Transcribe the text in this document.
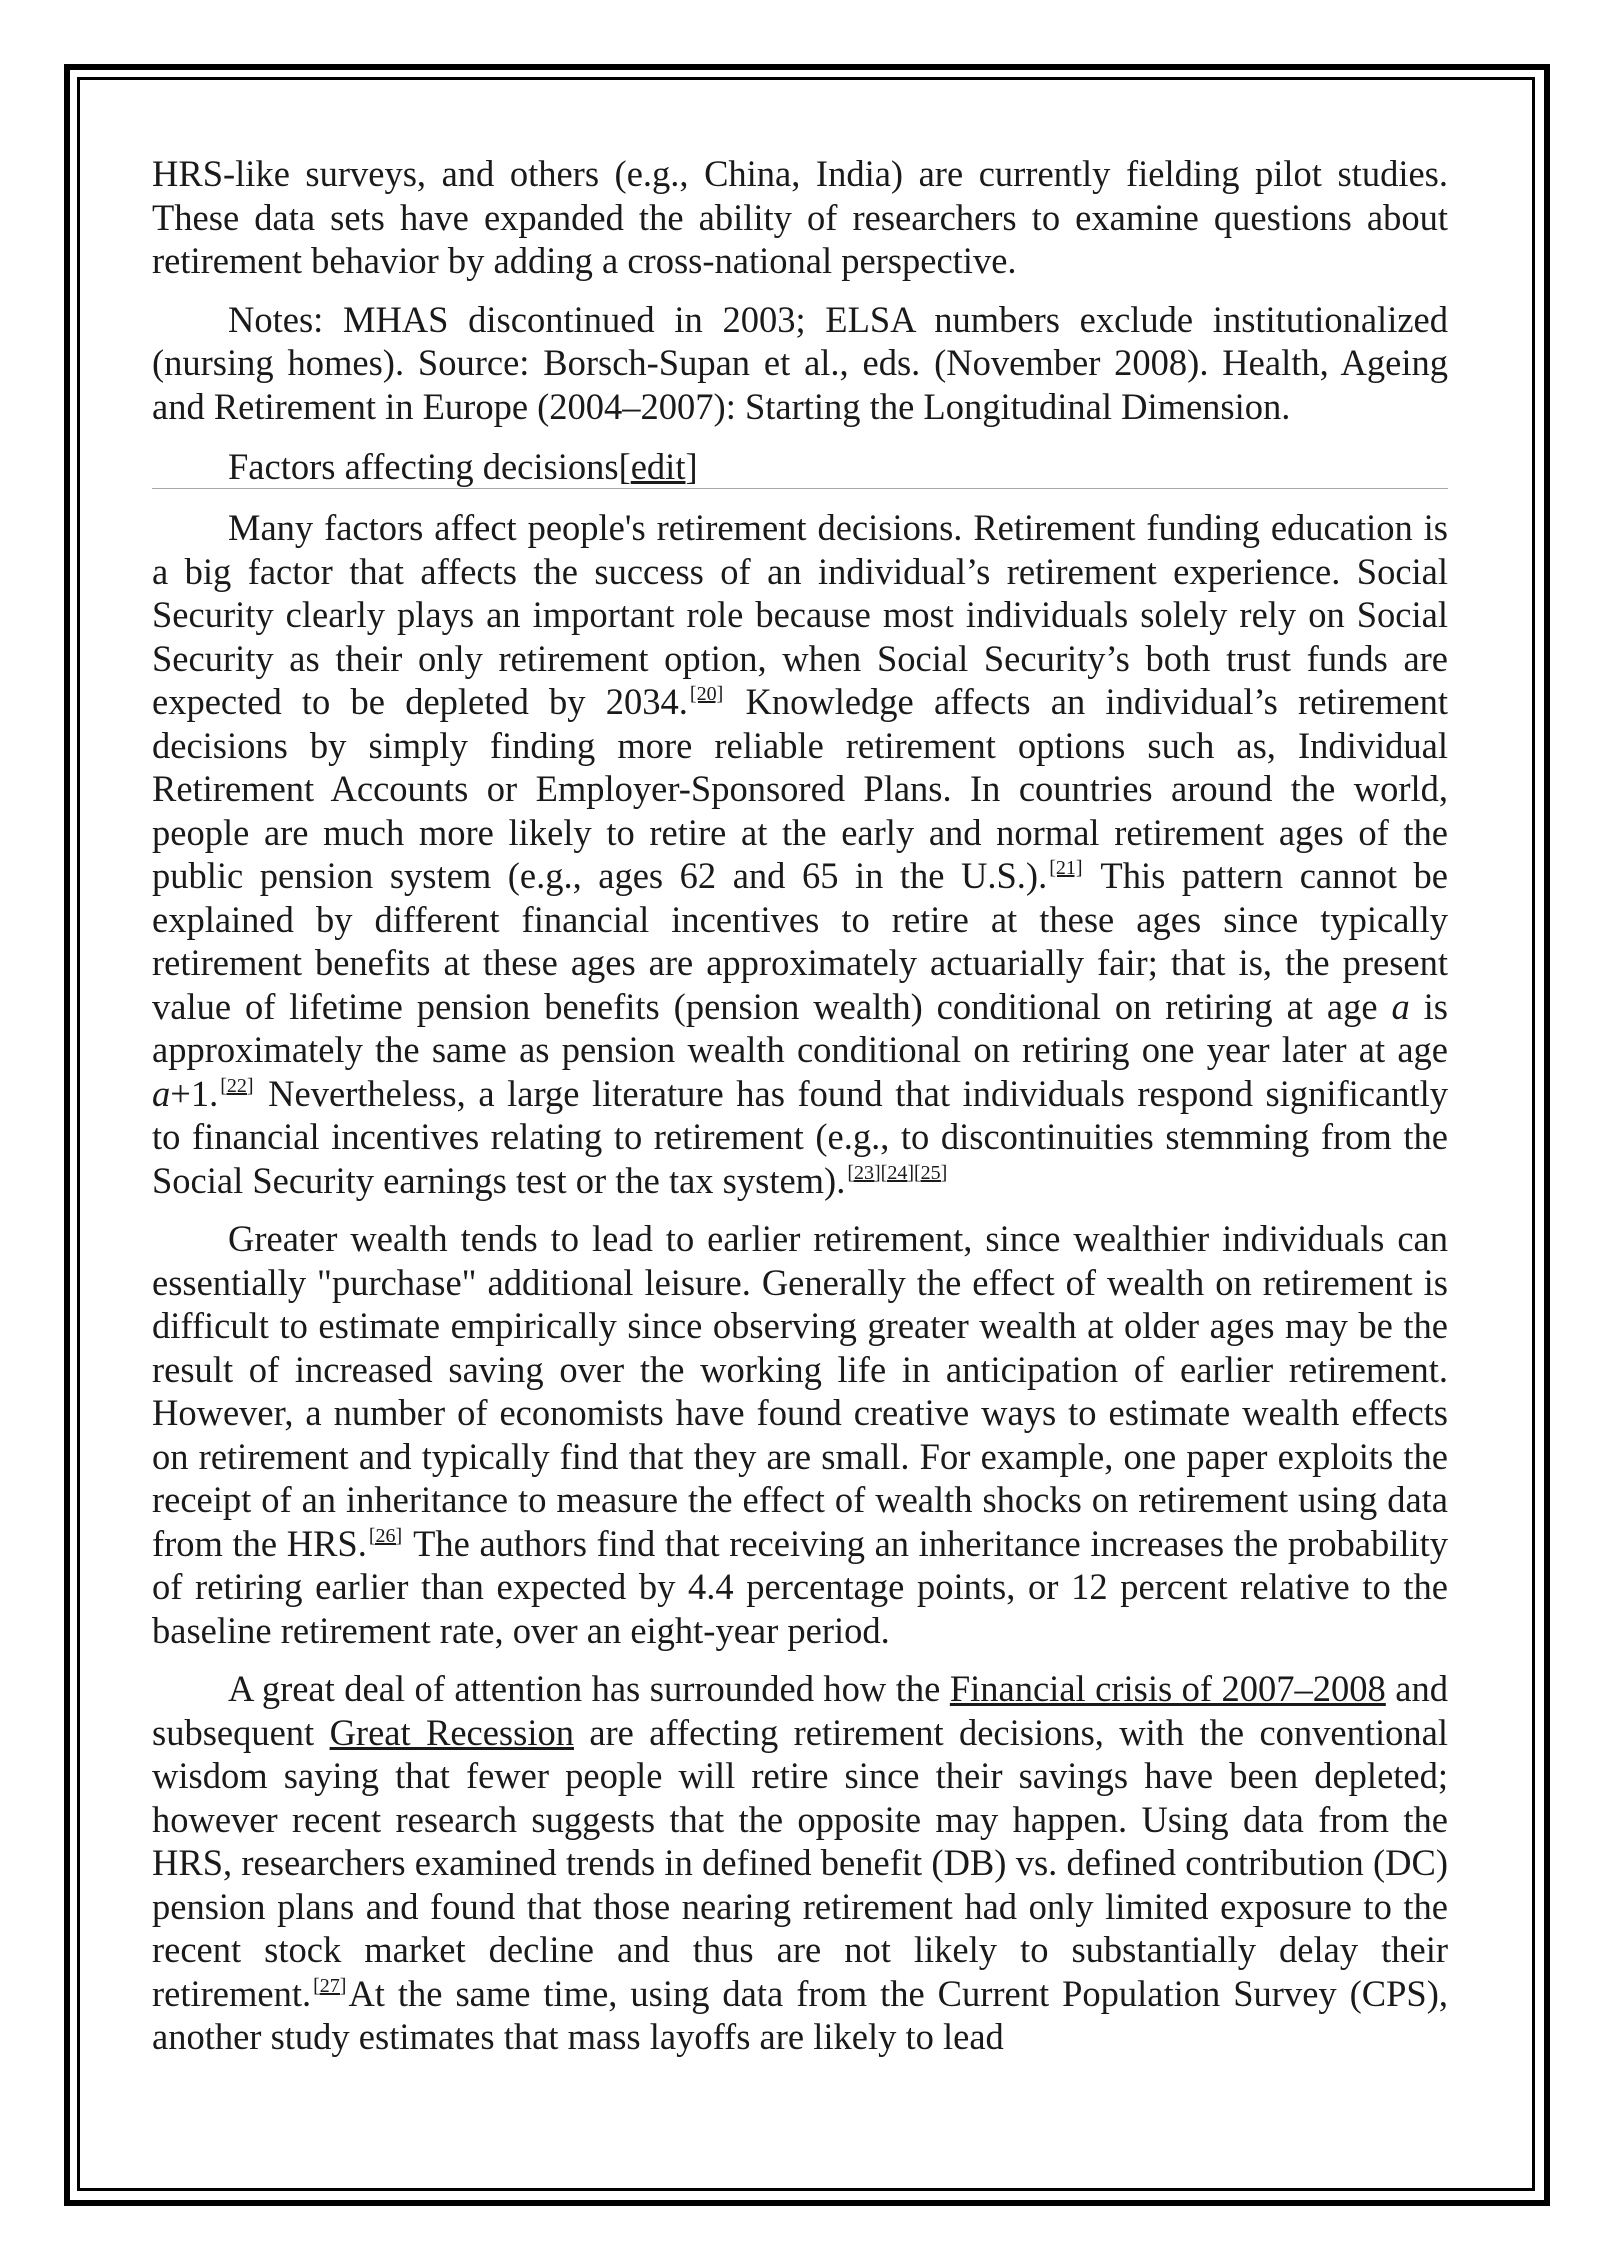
HRS-like surveys, and others (e.g., China, India) are currently fielding pilot studies. These data sets have expanded the ability of researchers to examine questions about retirement behavior by adding a cross-national perspective.

Notes: MHAS discontinued in 2003; ELSA numbers exclude institutionalized (nursing homes). Source: Borsch-Supan et al., eds. (November 2008). Health, Ageing and Retirement in Europe (2004–2007): Starting the Longitudinal Dimension.

Factors affecting decisions[edit]

Many factors affect people's retirement decisions. Retirement funding education is a big factor that affects the success of an individual’s retirement experience. Social Security clearly plays an important role because most individuals solely rely on Social Security as their only retirement option, when Social Security’s both trust funds are expected to be depleted by 2034. [20] Knowledge affects an individual’s retirement decisions by simply finding more reliable retirement options such as, Individual Retirement Accounts or Employer-Sponsored Plans. In countries around the world, people are much more likely to retire at the early and normal retirement ages of the public pension system (e.g., ages 62 and 65 in the U.S.). [21] This pattern cannot be explained by different financial incentives to retire at these ages since typically retirement benefits at these ages are approximately actuarially fair; that is, the present value of lifetime pension benefits (pension wealth) conditional on retiring at age a is approximately the same as pension wealth conditional on retiring one year later at age a+1. [22] Nevertheless, a large literature has found that individuals respond significantly to financial incentives relating to retirement (e.g., to discontinuities stemming from the Social Security earnings test or the tax system). [23][24][25]

Greater wealth tends to lead to earlier retirement, since wealthier individuals can essentially "purchase" additional leisure. Generally the effect of wealth on retirement is difficult to estimate empirically since observing greater wealth at older ages may be the result of increased saving over the working life in anticipation of earlier retirement. However, a number of economists have found creative ways to estimate wealth effects on retirement and typically find that they are small. For example, one paper exploits the receipt of an inheritance to measure the effect of wealth shocks on retirement using data from the HRS. [26] The authors find that receiving an inheritance increases the probability of retiring earlier than expected by 4.4 percentage points, or 12 percent relative to the baseline retirement rate, over an eight-year period.

A great deal of attention has surrounded how the Financial crisis of 2007–2008 and subsequent Great Recession are affecting retirement decisions, with the conventional wisdom saying that fewer people will retire since their savings have been depleted; however recent research suggests that the opposite may happen. Using data from the HRS, researchers examined trends in defined benefit (DB) vs. defined contribution (DC) pension plans and found that those nearing retirement had only limited exposure to the recent stock market decline and thus are not likely to substantially delay their retirement. [27]At the same time, using data from the Current Population Survey (CPS), another study estimates that mass layoffs are likely to lead
